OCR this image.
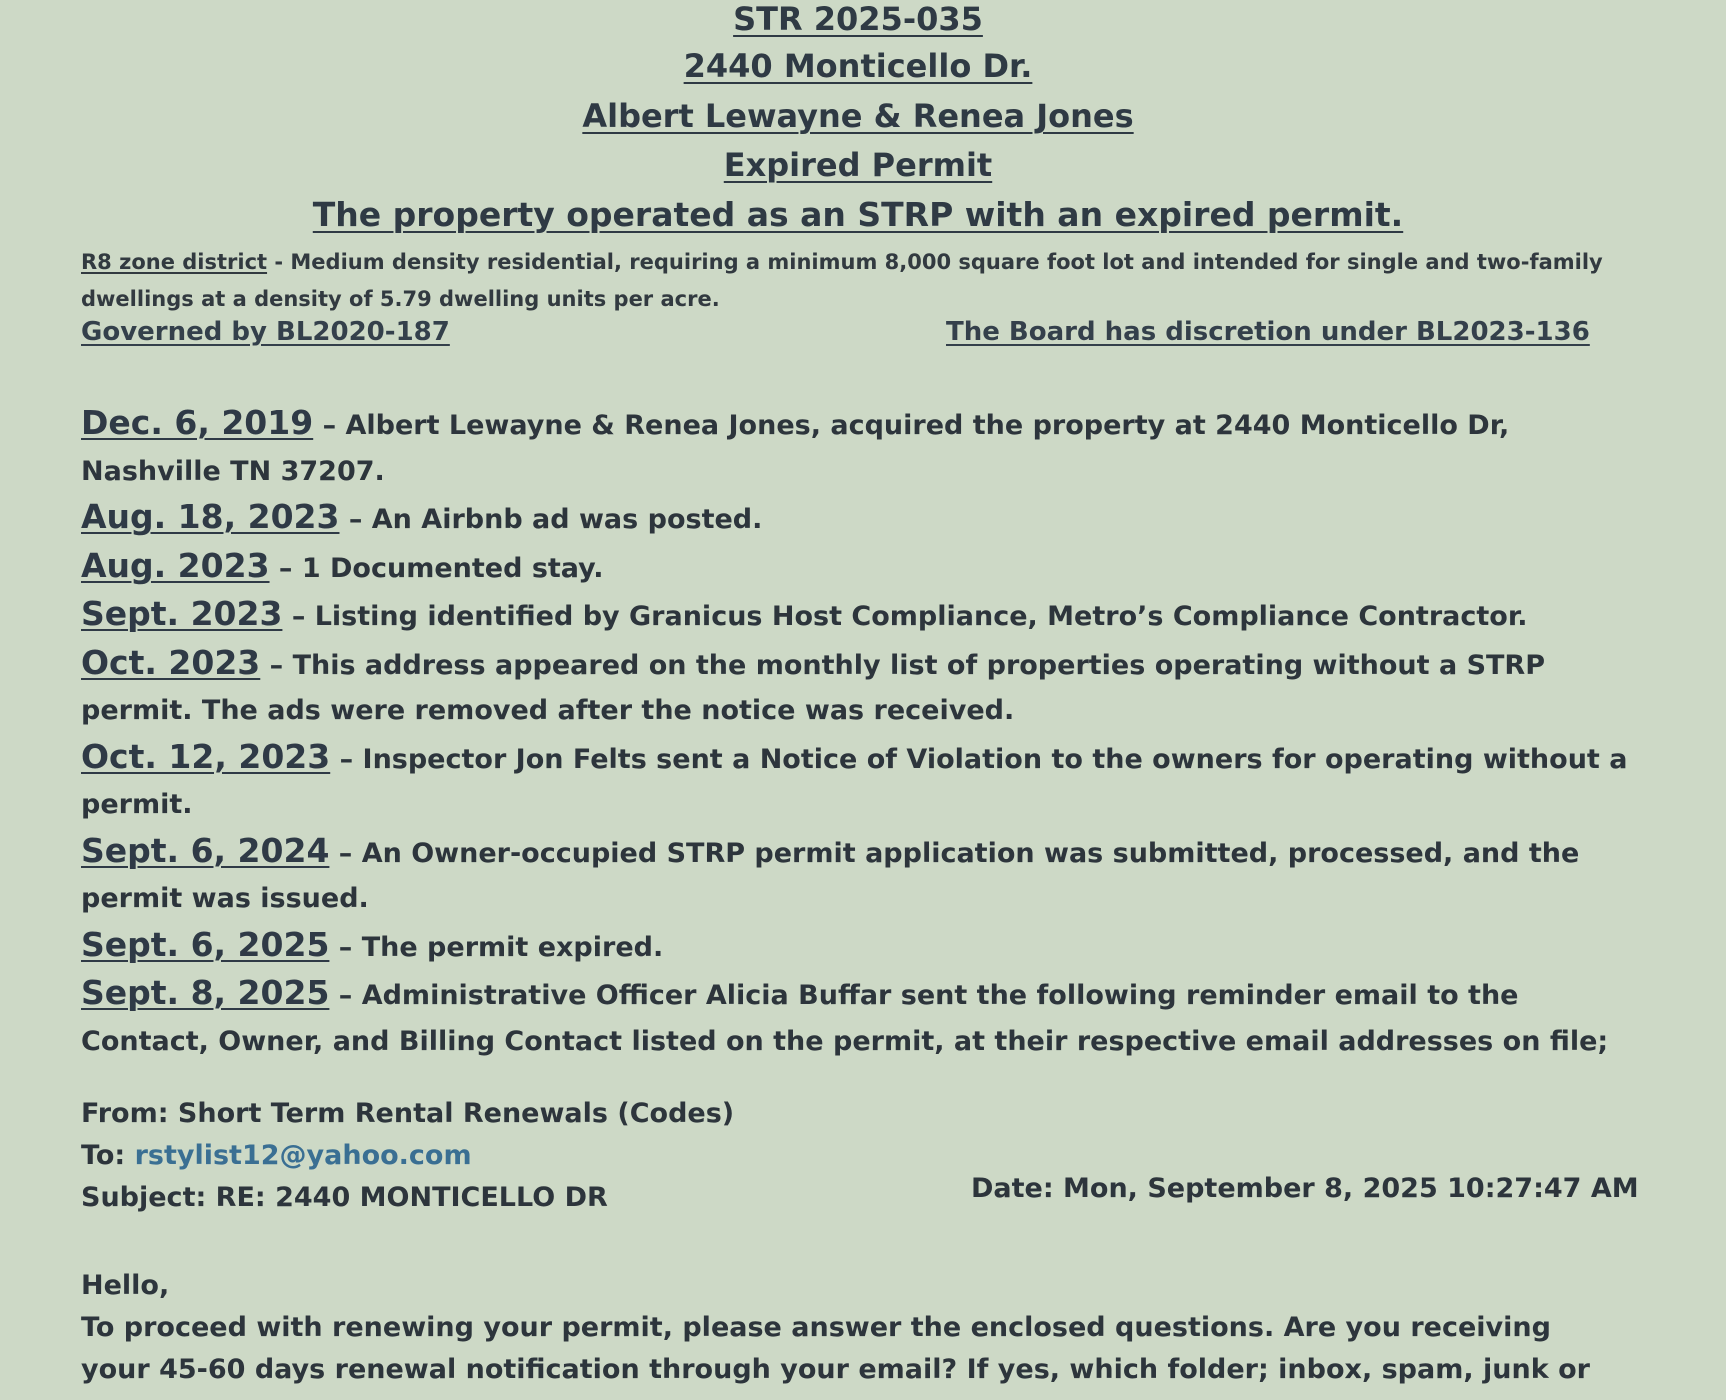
STR 2025-035
2440 Monticello Dr.
Albert Lewayne & Renea Jones
Expired Permit
The property operated as an STRP with an expired permit.
R8 zone district - Medium density residential, requiring a minimum 8,000 square foot lot and intended for single and two-family dwellings at a density of 5.79 dwelling units per acre.
Governed by BL2020-187	The Board has discretion under BL2023-136

Dec. 6, 2019 – Albert Lewayne & Renea Jones, acquired the property at 2440 Monticello Dr, Nashville TN 37207.

Aug. 18, 2023 – An Airbnb ad was posted.

Aug. 2023 – 1 Documented stay.

Sept. 2023 – Listing identified by Granicus Host Compliance, Metro’s Compliance Contractor.

Oct. 2023 – This address appeared on the monthly list of properties operating without a STRP permit. The ads were removed after the notice was received.

Oct. 12, 2023 – Inspector Jon Felts sent a Notice of Violation to the owners for operating without a permit.

Sept. 6, 2024 – An Owner-occupied STRP permit application was submitted, processed, and the permit was issued.

Sept. 6, 2025 – The permit expired.

Sept. 8, 2025 – Administrative Officer Alicia Buffar sent the following reminder email to the Contact, Owner, and Billing Contact listed on the permit, at their respective email addresses on file;

From: Short Term Rental Renewals (Codes)
To: rstylist12@yahoo.com
Subject: RE: 2440 MONTICELLO DR	Date: Mon, September 8, 2025 10:27:47 AM
Hello,
To proceed with renewing your permit, please answer the enclosed questions. Are you receiving your 45-60 days renewal notification through your email? If yes, which folder; inbox, spam, junk or
